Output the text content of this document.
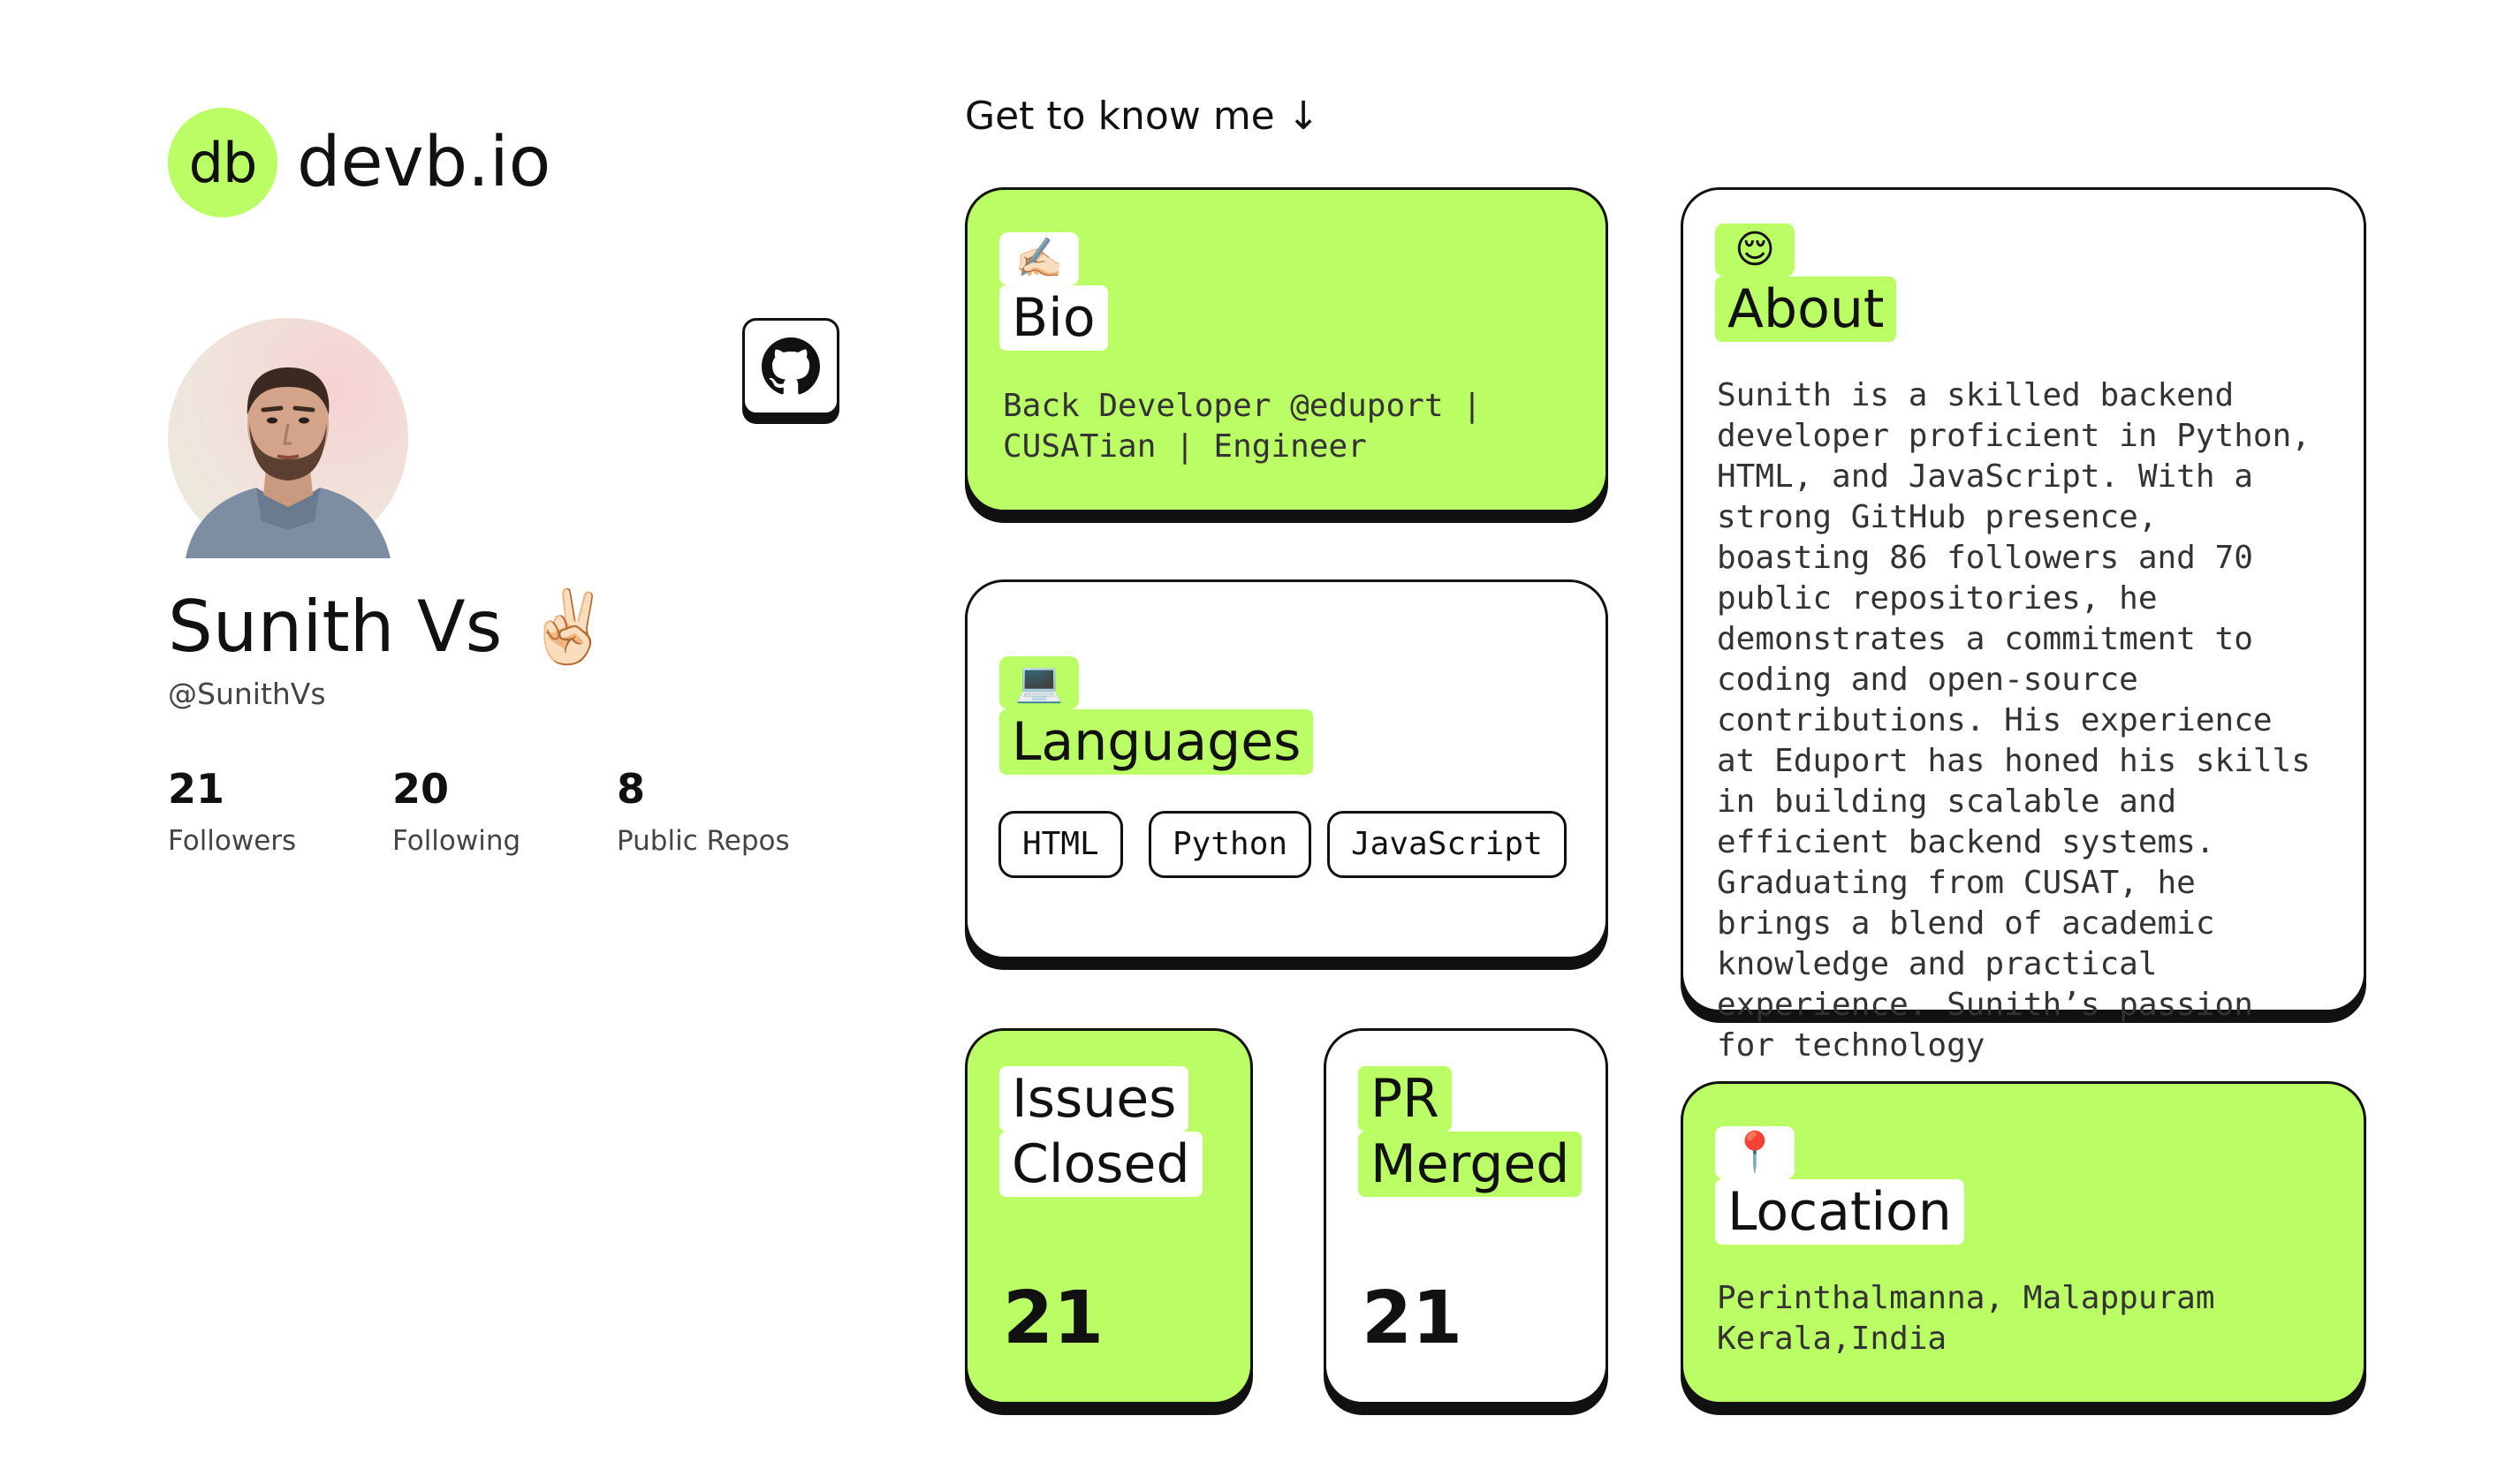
db devb.io
Sunith Vs ✌🏻
@SunithVs
21
Followers
20
Following
8
Public Repos
Get to know me ↓
✍🏻
Bio
Back Developer @eduport | CUSATian | Engineer
💻
Languages
HTML	Python	JavaScript
😌
About
Sunith is a skilled backend developer proficient in Python, HTML, and JavaScript. With a strong GitHub presence, boasting 86 followers and 70 public repositories, he demonstrates a commitment to coding and open-source contributions. His experience at Eduport has honed his skills in building scalable and efficient backend systems. Graduating from CUSAT, he brings a blend of academic knowledge and practical experience. Sunith’s passion for technology
Issues
Closed
21
PR
Merged
21
📍
Location
Perinthalmanna, Malappuram
Kerala,India
